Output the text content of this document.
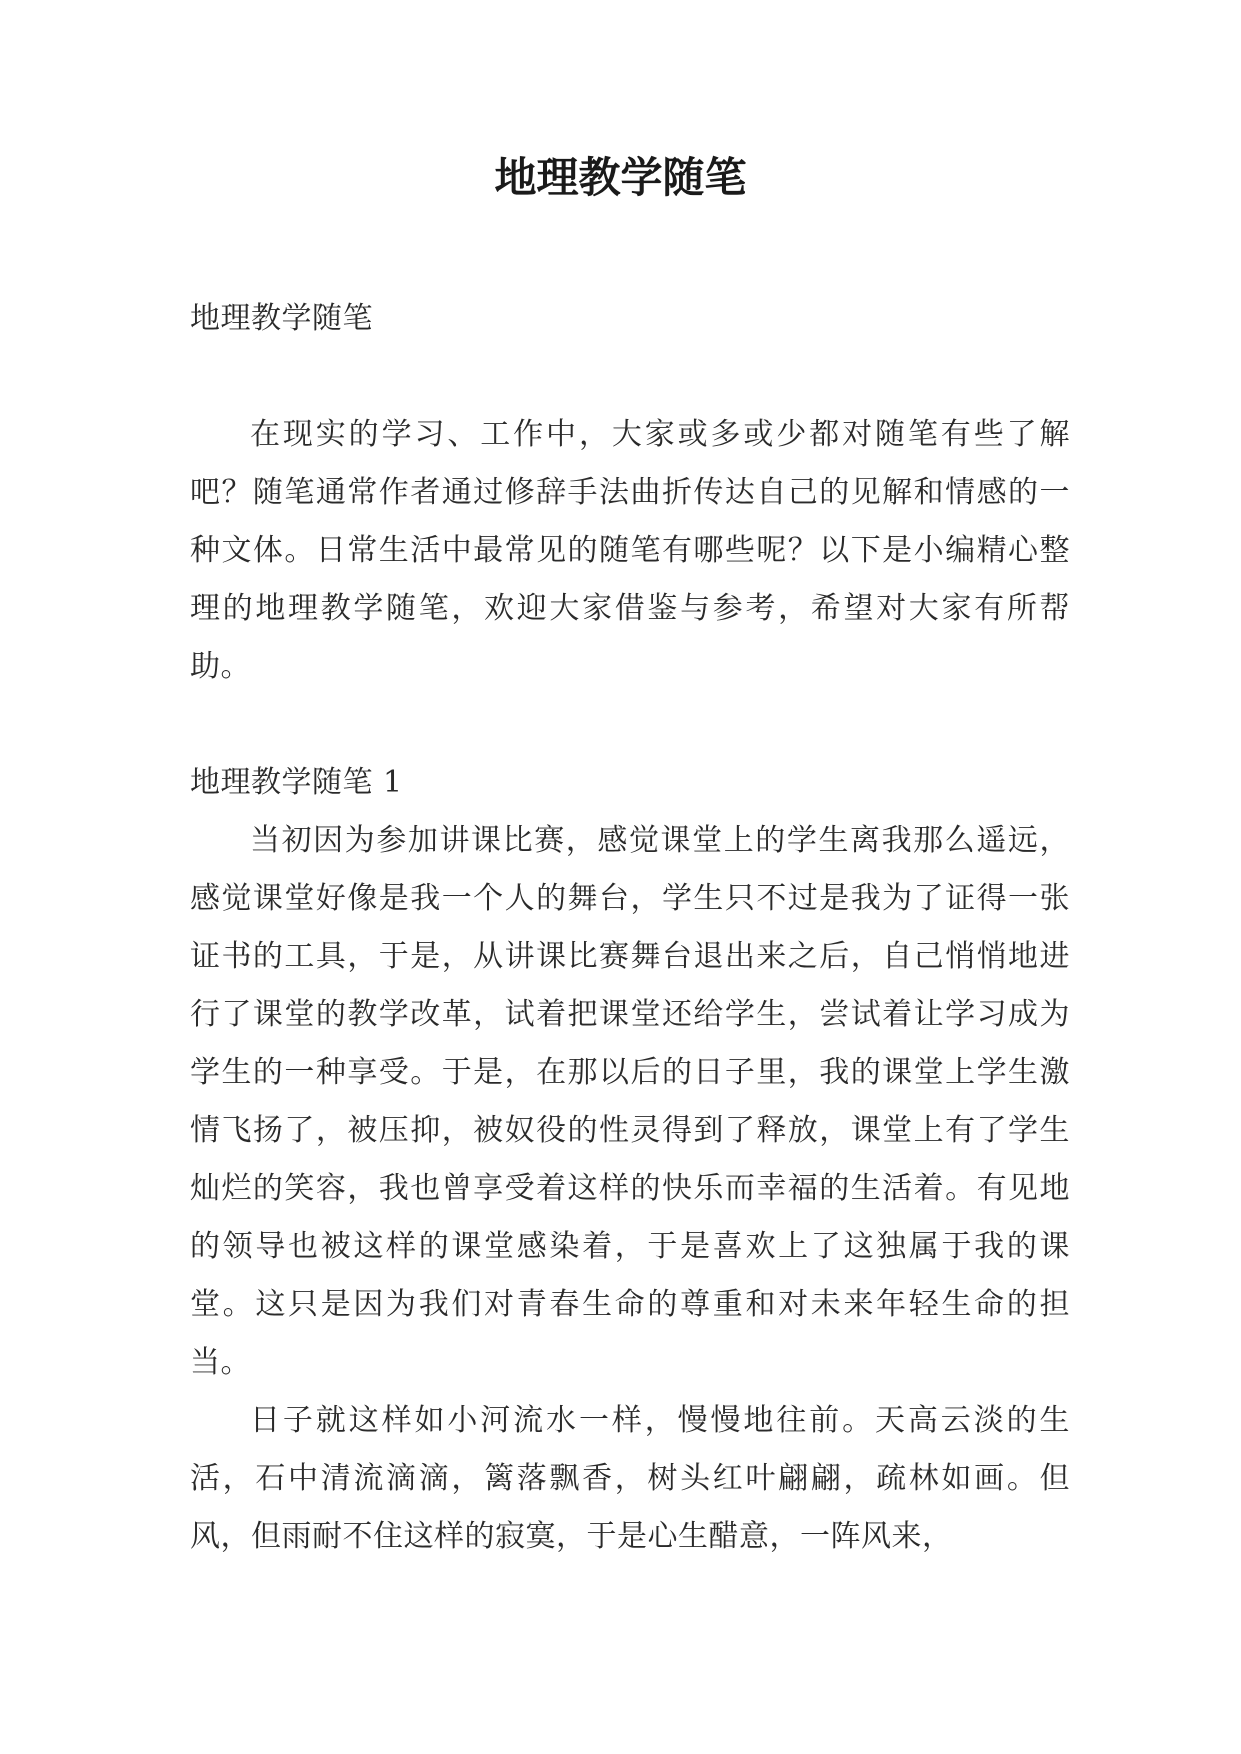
地理教学随笔

地理教学随笔

在现实的学习、工作中，大家或多或少都对随笔有些了解吧？随笔通常作者通过修辞手法曲折传达自己的见解和情感的一种文体。日常生活中最常见的随笔有哪些呢？以下是小编精心整理的地理教学随笔，欢迎大家借鉴与参考，希望对大家有所帮助。

地理教学随笔 1

当初因为参加讲课比赛，感觉课堂上的学生离我那么遥远，感觉课堂好像是我一个人的舞台，学生只不过是我为了证得一张证书的工具，于是，从讲课比赛舞台退出来之后，自己悄悄地进行了课堂的教学改革，试着把课堂还给学生，尝试着让学习成为学生的一种享受。于是，在那以后的日子里，我的课堂上学生激情飞扬了，被压抑，被奴役的性灵得到了释放，课堂上有了学生灿烂的笑容，我也曾享受着这样的快乐而幸福的生活着。有见地的领导也被这样的课堂感染着，于是喜欢上了这独属于我的课堂。这只是因为我们对青春生命的尊重和对未来年轻生命的担当。

日子就这样如小河流水一样，慢慢地往前。天高云淡的生活，石中清流滴滴，篱落飘香，树头红叶翩翩，疏林如画。但风，但雨耐不住这样的寂寞，于是心生醋意，一阵风来，
